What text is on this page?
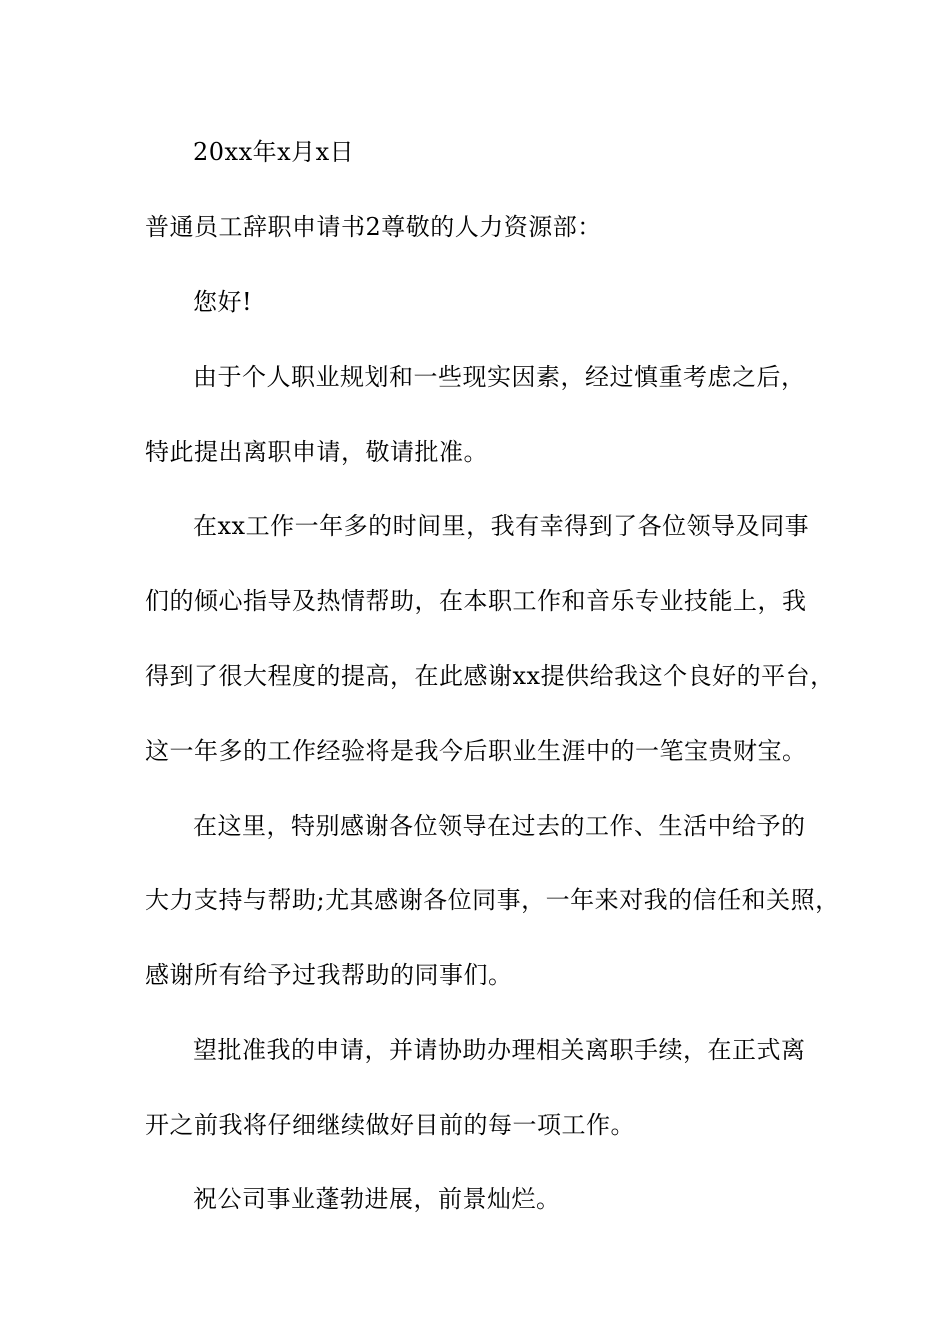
20xx年x月x日
普通员工辞职申请书2尊敬的人力资源部：
您好!
由于个人职业规划和一些现实因素，经过慎重考虑之后，
特此提出离职申请，敬请批准。
在xx工作一年多的时间里，我有幸得到了各位领导及同事
们的倾心指导及热情帮助，在本职工作和音乐专业技能上，我
得到了很大程度的提高，在此感谢xx提供给我这个良好的平台，
这一年多的工作经验将是我今后职业生涯中的一笔宝贵财宝。
在这里，特别感谢各位领导在过去的工作、生活中给予的
大力支持与帮助;尤其感谢各位同事，一年来对我的信任和关照，
感谢所有给予过我帮助的同事们。
望批准我的申请，并请协助办理相关离职手续，在正式离
开之前我将仔细继续做好目前的每一项工作。
祝公司事业蓬勃进展，前景灿烂。
